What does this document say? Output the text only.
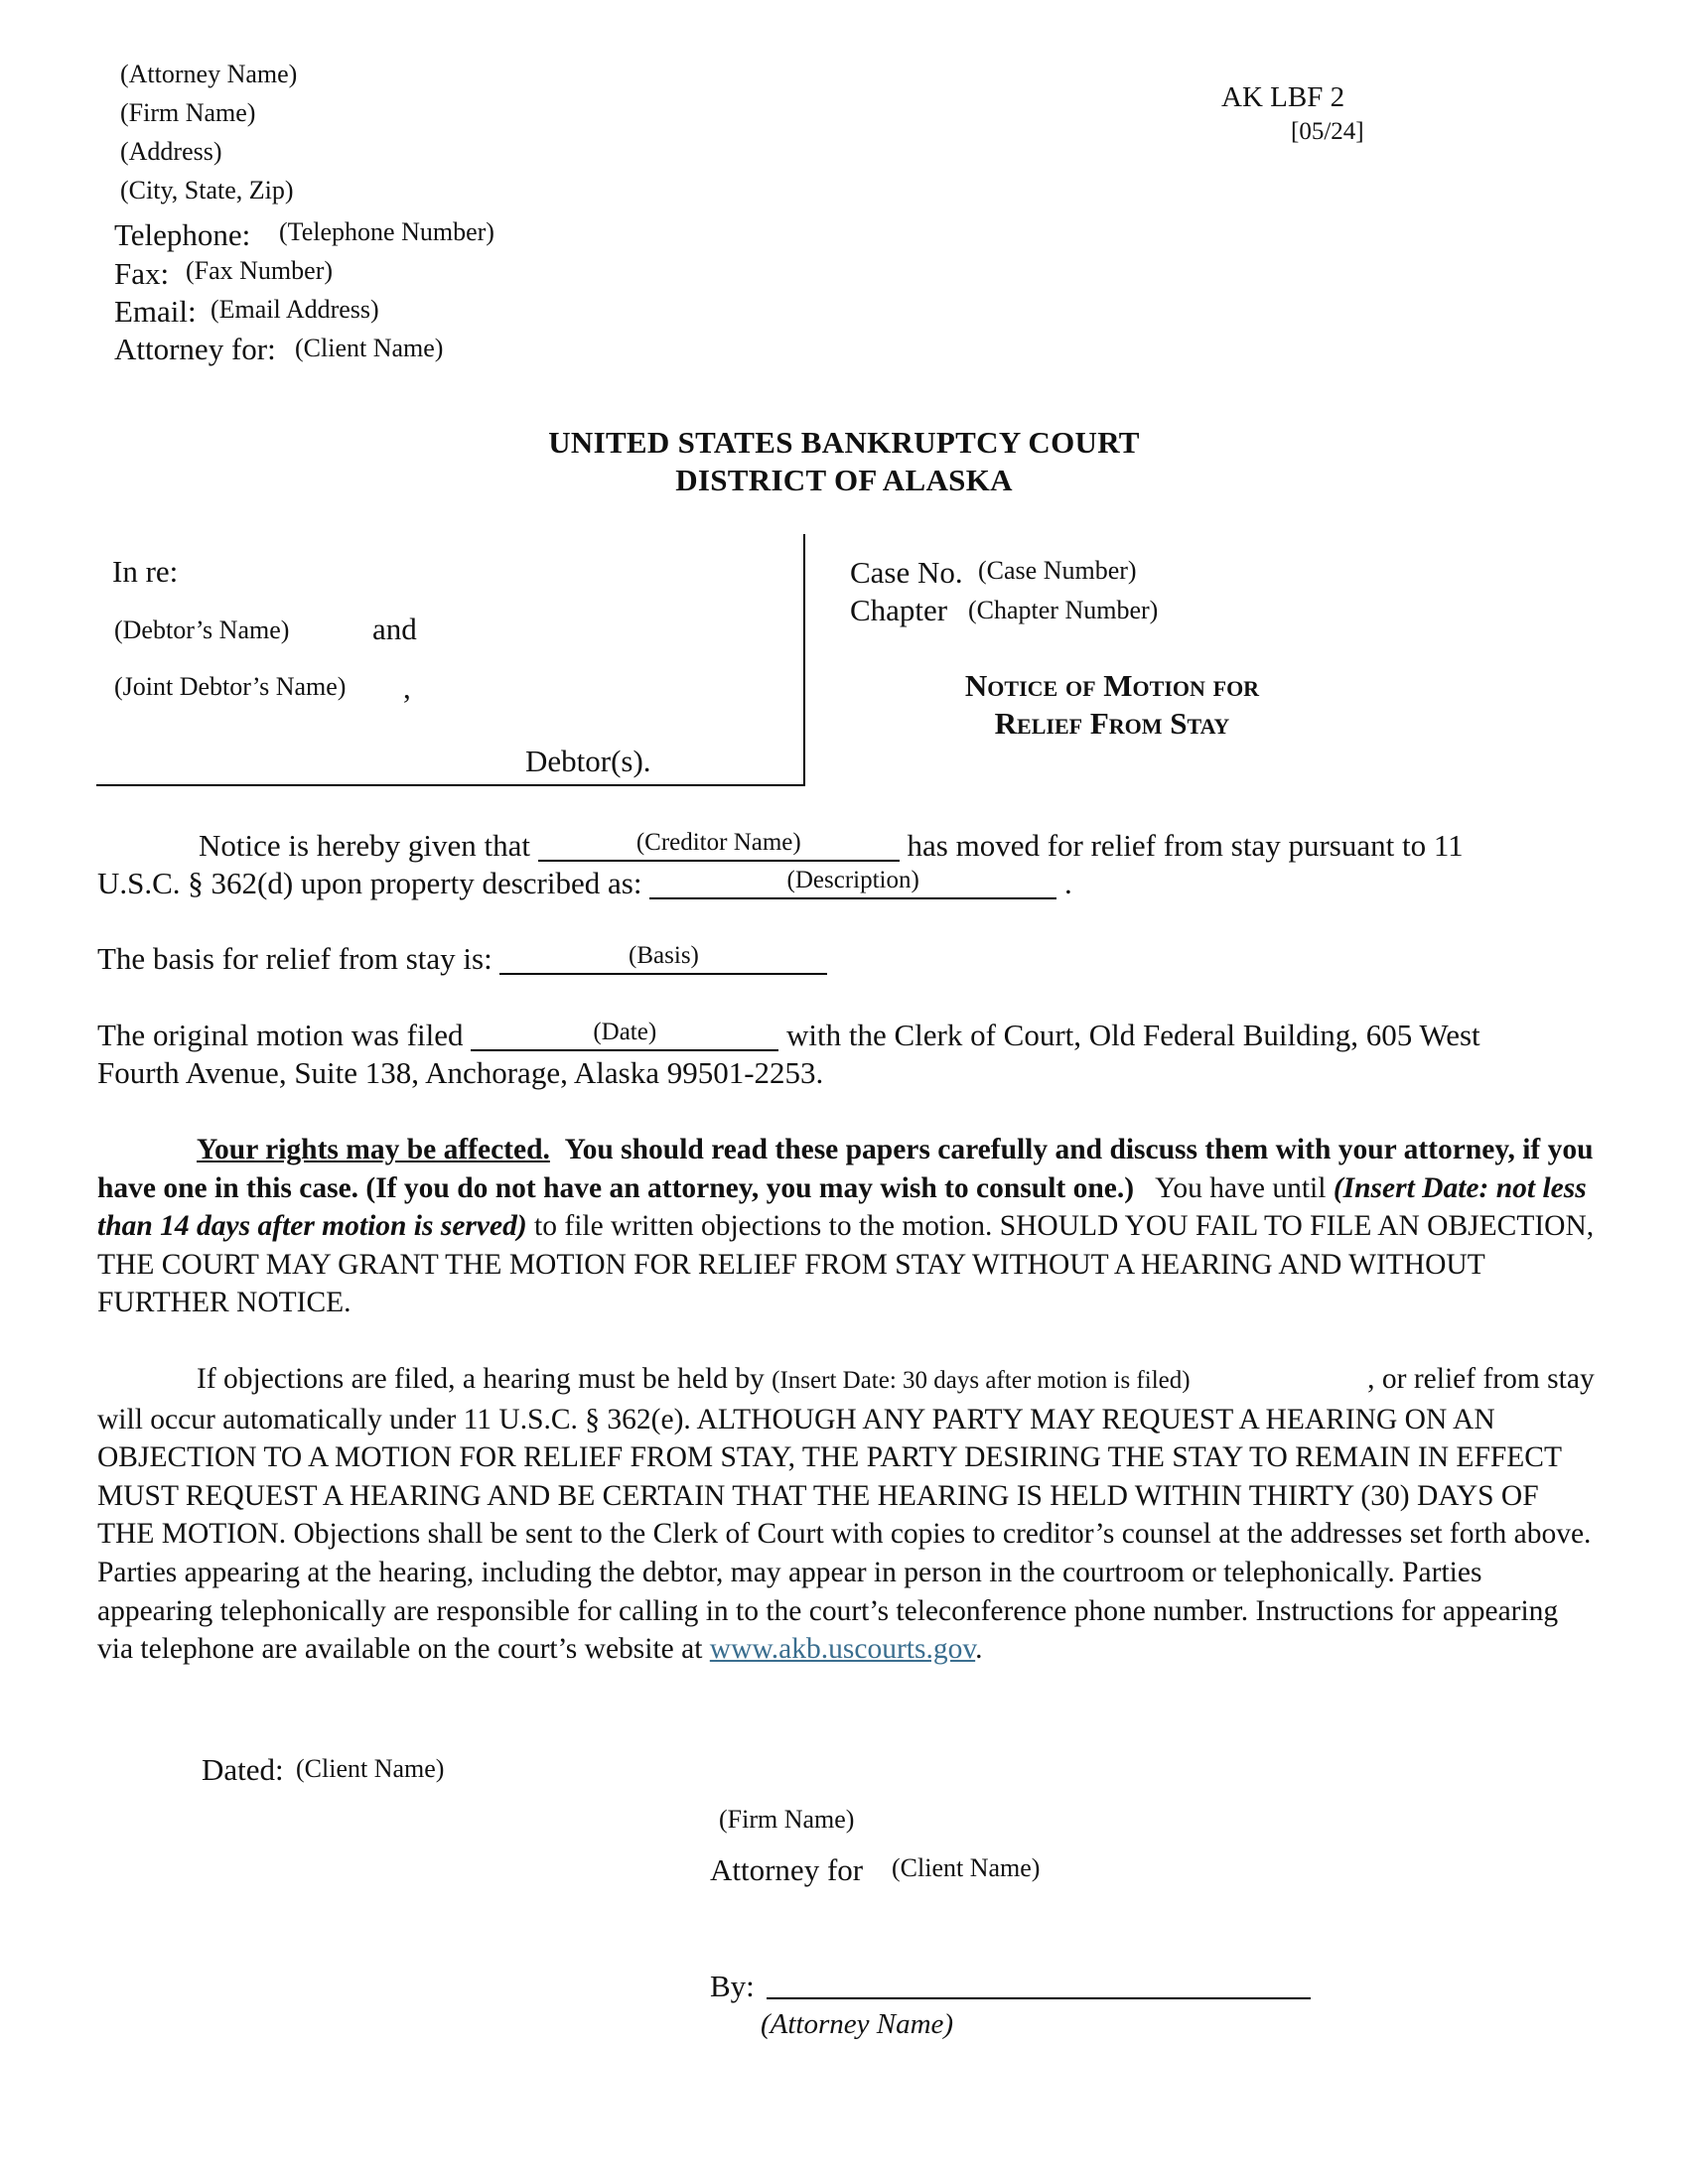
(Attorney Name)
(Firm Name)
(Address)
(City, State, Zip)
Telephone: (Telephone Number)
Fax: (Fax Number)
Email: (Email Address)
Attorney for: (Client Name)
AK LBF 2
[05/24]
UNITED STATES BANKRUPTCY COURT
DISTRICT OF ALASKA
In re:
(Debtor’s Name)	and
(Joint Debtor’s Name) ,
Debtor(s).
Case No. (Case Number)
Chapter (Chapter Number)
Notice of Motion for
Relief From Stay
Notice is hereby given that	(Creditor Name)	has moved for relief from stay pursuant to 11
U.S.C. § 362(d) upon property described as:	(Description)	.
The basis for relief from stay is:	(Basis)
The original motion was filed	(Date)	with the Clerk of Court, Old Federal Building, 605 West
Fourth Avenue, Suite 138, Anchorage, Alaska 99501-2253.
Your rights may be affected. You should read these papers carefully and discuss them with your attorney, if you have one in this case. (If you do not have an attorney, you may wish to consult one.) You have until (Insert Date: not less than 14 days after motion is served) to file written objections to the motion. SHOULD YOU FAIL TO FILE AN OBJECTION, THE COURT MAY GRANT THE MOTION FOR RELIEF FROM STAY WITHOUT A HEARING AND WITHOUT FURTHER NOTICE.
If objections are filed, a hearing must be held by (Insert Date: 30 days after motion is filed)	, or relief from stay will occur automatically under 11 U.S.C. § 362(e). ALTHOUGH ANY PARTY MAY REQUEST A HEARING ON AN OBJECTION TO A MOTION FOR RELIEF FROM STAY, THE PARTY DESIRING THE STAY TO REMAIN IN EFFECT MUST REQUEST A HEARING AND BE CERTAIN THAT THE HEARING IS HELD WITHIN THIRTY (30) DAYS OF THE MOTION. Objections shall be sent to the Clerk of Court with copies to creditor’s counsel at the addresses set forth above. Parties appearing at the hearing, including the debtor, may appear in person in the courtroom or telephonically. Parties appearing telephonically are responsible for calling in to the court’s teleconference phone number. Instructions for appearing via telephone are available on the court’s website at www.akb.uscourts.gov.
Dated: (Client Name)
(Firm Name)
Attorney for (Client Name)
By:
(Attorney Name)
